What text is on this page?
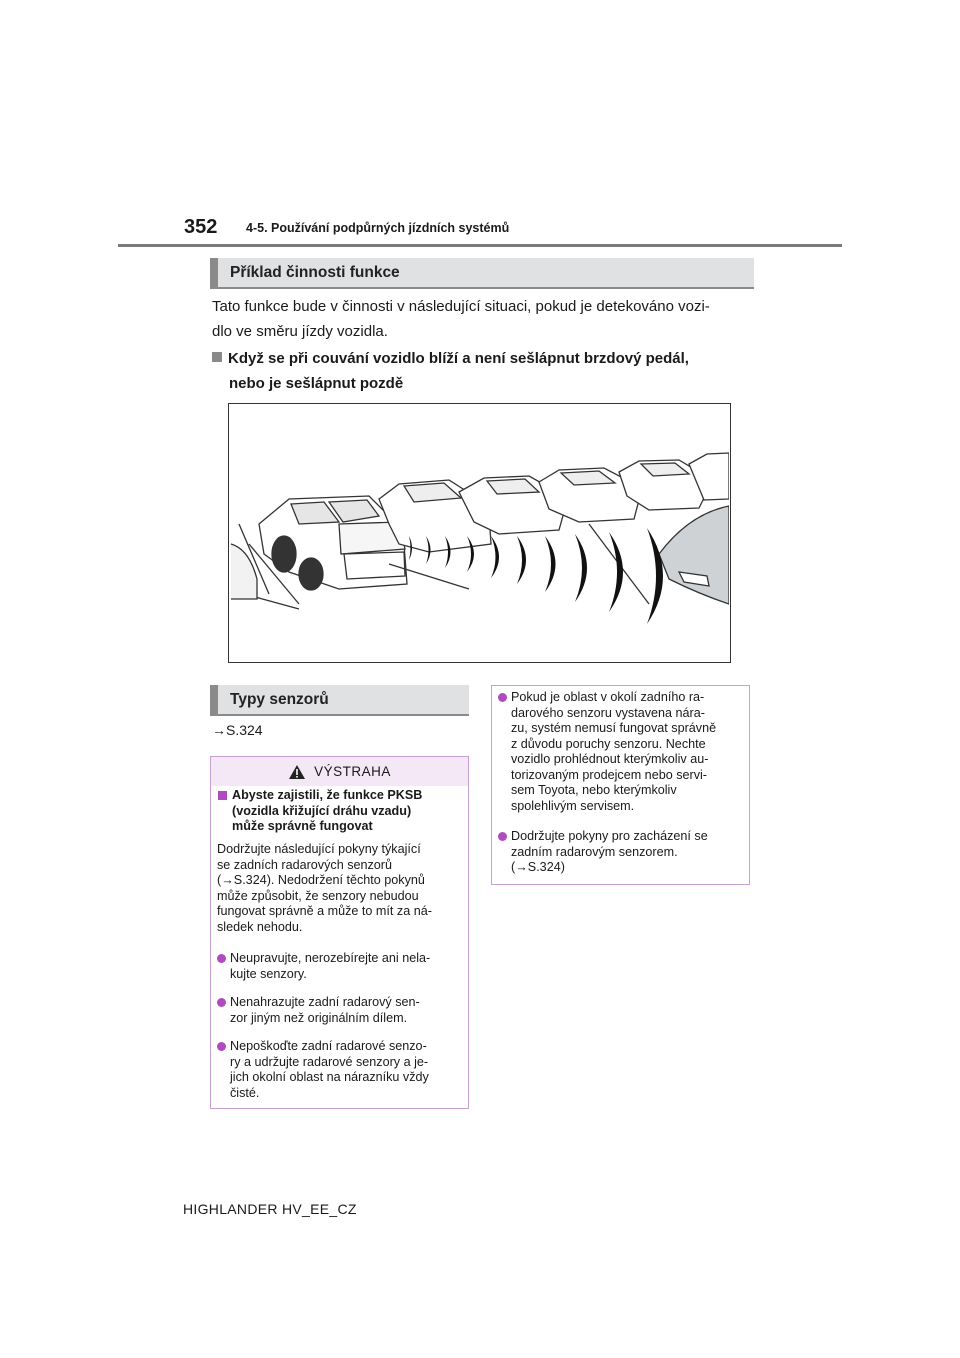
352 4-5. Používání podpůrných jízdních systémů
Příklad činnosti funkce
Tato funkce bude v činnosti v následující situaci, pokud je detekováno vozi-
dlo ve směru jízdy vozidla.
Když se při couvání vozidlo blíží a není sešlápnut brzdový pedál,
nebo je sešlápnut pozdě
Typy senzorů
→S.324
VÝSTRAHA
Abyste zajistili, že funkce PKSB
(vozidla křižující dráhu vzadu)
může správně fungovat
Dodržujte následující pokyny týkající
se zadních radarových senzorů
(→S.324). Nedodržení těchto pokynů
může způsobit, že senzory nebudou
fungovat správně a může to mít za ná-
sledek nehodu.
Neupravujte, nerozebírejte ani nela-
kujte senzory.
Nenahrazujte zadní radarový sen-
zor jiným než originálním dílem.
Nepoškoďte zadní radarové senzo-
ry a udržujte radarové senzory a je-
jich okolní oblast na nárazníku vždy
čisté.
Pokud je oblast v okolí zadního ra-
darového senzoru vystavena nára-
zu, systém nemusí fungovat správně
z důvodu poruchy senzoru. Nechte
vozidlo prohlédnout kterýmkoliv au-
torizovaným prodejcem nebo servi-
sem Toyota, nebo kterýmkoliv
spolehlivým servisem.
Dodržujte pokyny pro zacházení se
zadním radarovým senzorem.
(→S.324)
HIGHLANDER HV_EE_CZ
